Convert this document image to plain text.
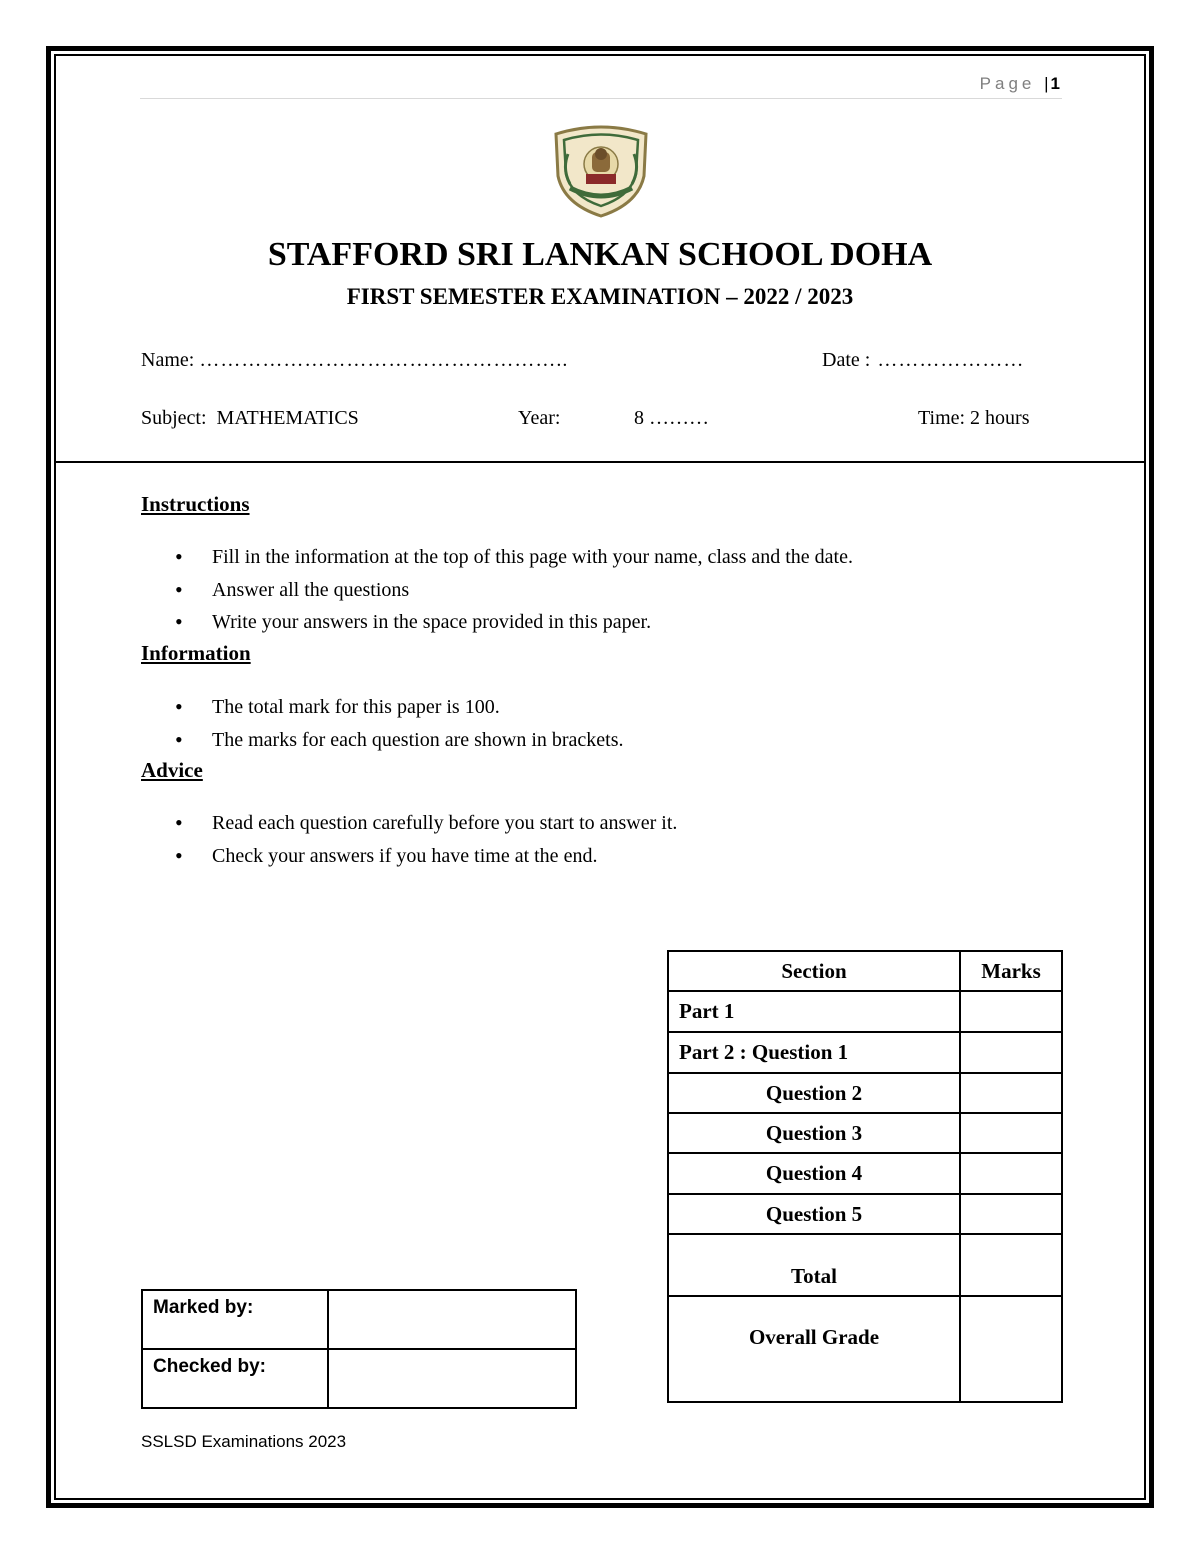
Page | 1
STAFFORD SRI LANKAN SCHOOL DOHA
FIRST SEMESTER EXAMINATION – 2022 / 2023
Name: ……………………………………………..	Date : …………………
Subject: MATHEMATICS	Year:	8 ………	Time: 2 hours
Instructions
• Fill in the information at the top of this page with your name, class and the date.
• Answer all the questions
• Write your answers in the space provided in this paper.
Information
• The total mark for this paper is 100.
• The marks for each question are shown in brackets.
Advice
• Read each question carefully before you start to answer it.
• Check your answers if you have time at the end.
Section	Marks
Part 1	
Part 2 : Question 1	
Question 2	
Question 3	
Question 4	
Question 5	
Total	
Overall Grade	
Marked by:	
Checked by:	
SSLSD Examinations 2023
